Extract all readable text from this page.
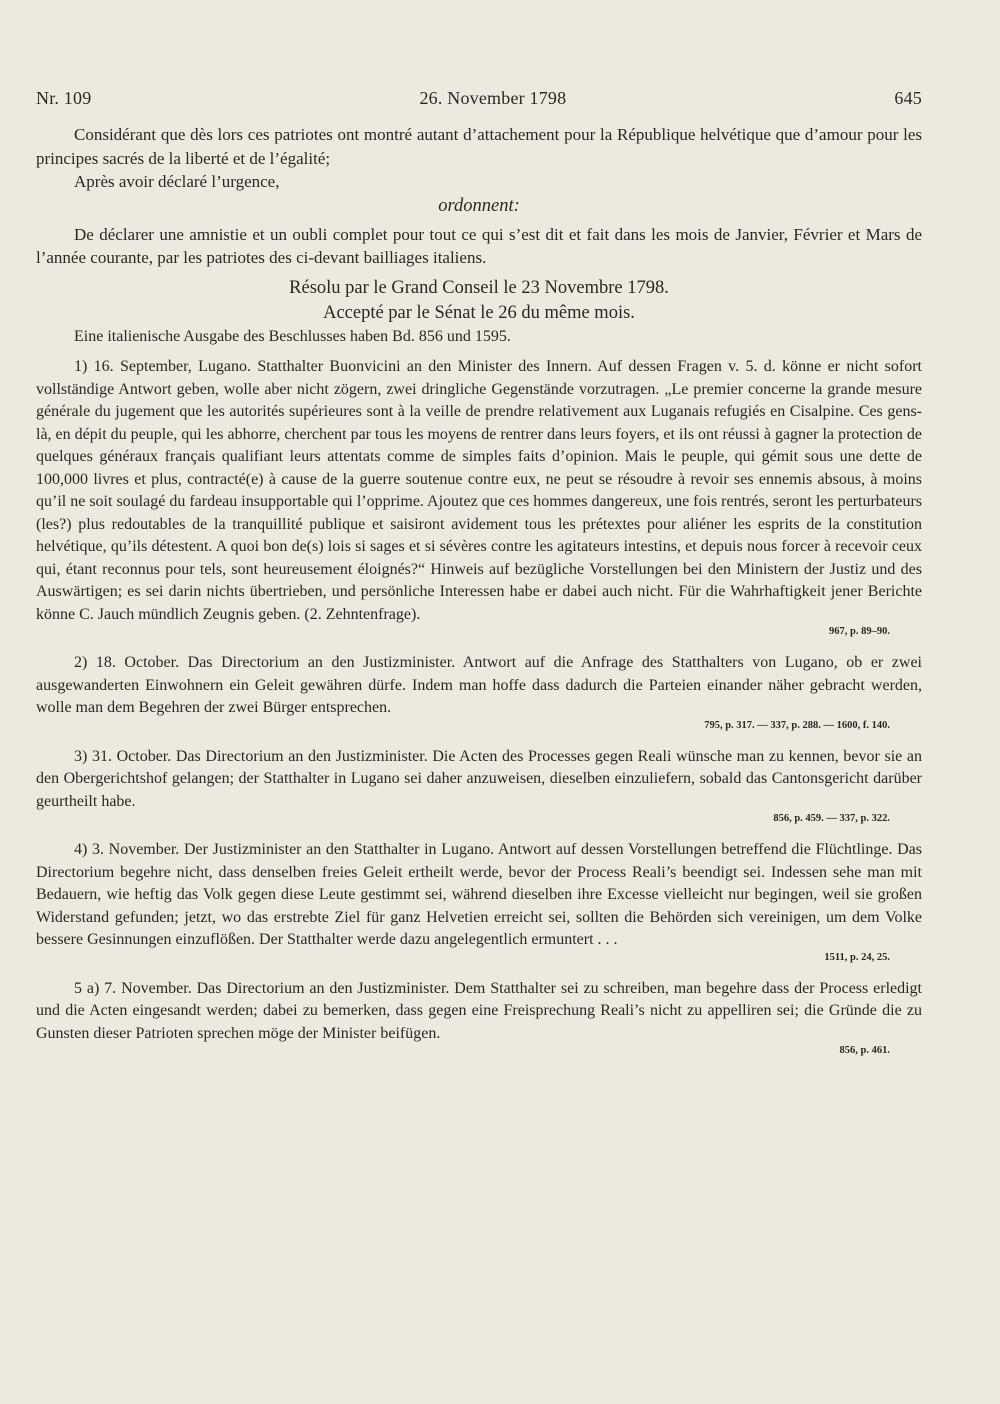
Nr. 109	26. November 1798	645

Considérant que dès lors ces patriotes ont montré autant d’attachement pour la République helvétique que d’amour pour les principes sacrés de la liberté et de l’égalité;

Après avoir déclaré l’urgence,

ordonnent:

De déclarer une amnistie et un oubli complet pour tout ce qui s’est dit et fait dans les mois de Janvier, Février et Mars de l’année courante, par les patriotes des ci-devant bailliages italiens.

Résolu par le Grand Conseil le 23 Novembre 1798.

Accepté par le Sénat le 26 du même mois.

Eine italienische Ausgabe des Beschlusses haben Bd. 856 und 1595.

1) 16. September, Lugano. Statthalter Buonvicini an den Minister des Innern. Auf dessen Fragen v. 5. d. könne er nicht sofort vollständige Antwort geben, wolle aber nicht zögern, zwei dringliche Gegenstände vorzutragen. „Le premier concerne la grande mesure générale du jugement que les autorités supérieures sont à la veille de prendre relativement aux Luganais refugiés en Cisalpine. Ces gens-là, en dépit du peuple, qui les abhorre, cherchent par tous les moyens de rentrer dans leurs foyers, et ils ont réussi à gagner la protection de quelques généraux français qualifiant leurs attentats comme de simples faits d’opinion. Mais le peuple, qui gémit sous une dette de 100,000 livres et plus, contracté(e) à cause de la guerre soutenue contre eux, ne peut se résoudre à revoir ses ennemis absous, à moins qu’il ne soit soulagé du fardeau insupportable qui l’opprime. Ajoutez que ces hommes dangereux, une fois rentrés, seront les perturbateurs (les?) plus redoutables de la tranquillité publique et saisiront avidement tous les prétextes pour aliéner les esprits de la constitution helvétique, qu’ils détestent. A quoi bon de(s) lois si sages et si sévères contre les agitateurs intestins, et depuis nous forcer à recevoir ceux qui, étant reconnus pour tels, sont heureusement éloignés?“ Hinweis auf bezügliche Vorstellungen bei den Ministern der Justiz und des Auswärtigen; es sei darin nichts übertrieben, und persönliche Interessen habe er dabei auch nicht. Für die Wahrhaftigkeit jener Berichte könne C. Jauch mündlich Zeugnis geben. (2. Zehntenfrage).

967, p. 89–90.

2) 18. October. Das Directorium an den Justizminister. Antwort auf die Anfrage des Statthalters von Lugano, ob er zwei ausgewanderten Einwohnern ein Geleit gewähren dürfe. Indem man hoffe dass dadurch die Parteien einander näher gebracht werden, wolle man dem Begehren der zwei Bürger entsprechen.

795, p. 317. — 337, p. 288. — 1600, f. 140.

3) 31. October. Das Directorium an den Justizminister. Die Acten des Processes gegen Reali wünsche man zu kennen, bevor sie an den Obergerichtshof gelangen; der Statthalter in Lugano sei daher anzuweisen, dieselben einzuliefern, sobald das Cantonsgericht darüber geurtheilt habe.

856, p. 459. — 337, p. 322.

4) 3. November. Der Justizminister an den Statthalter in Lugano. Antwort auf dessen Vorstellungen betreffend die Flüchtlinge. Das Directorium begehre nicht, dass denselben freies Geleit ertheilt werde, bevor der Process Reali’s beendigt sei. Indessen sehe man mit Bedauern, wie heftig das Volk gegen diese Leute gestimmt sei, während dieselben ihre Excesse vielleicht nur begingen, weil sie großen Widerstand gefunden; jetzt, wo das erstrebte Ziel für ganz Helvetien erreicht sei, sollten die Behörden sich vereinigen, um dem Volke bessere Gesinnungen einzuflößen. Der Statthalter werde dazu angelegentlich ermuntert . . .

1511, p. 24, 25.

5 a) 7. November. Das Directorium an den Justizminister. Dem Statthalter sei zu schreiben, man begehre dass der Process erledigt und die Acten eingesandt werden; dabei zu bemerken, dass gegen eine Freisprechung Reali’s nicht zu appelliren sei; die Gründe die zu Gunsten dieser Patrioten sprechen möge der Minister beifügen.

856, p. 461.
